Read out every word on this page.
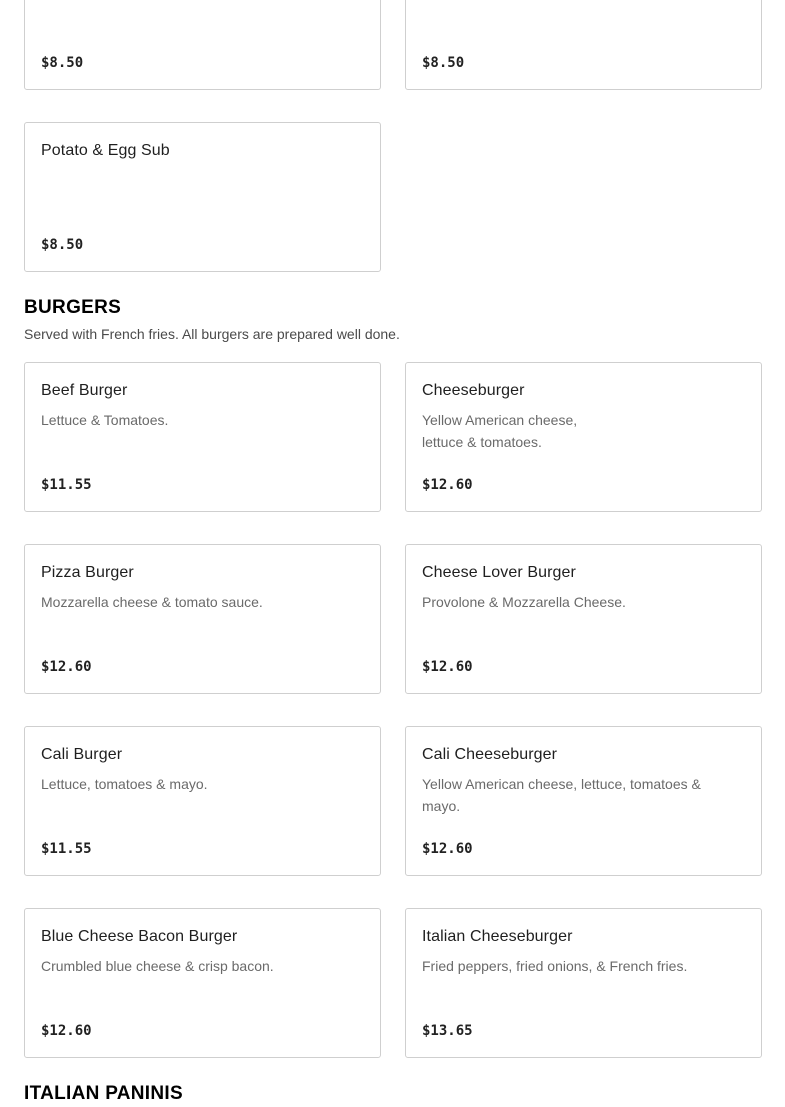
$8.50	$8.50
Potato & Egg Sub
$8.50
BURGERS
Served with French fries. All burgers are prepared well done.
Beef Burger
Lettuce & Tomatoes.
$11.55
Cheeseburger
Yellow American cheese, lettuce & tomatoes.
$12.60
Pizza Burger
Mozzarella cheese & tomato sauce.
$12.60
Cheese Lover Burger
Provolone & Mozzarella Cheese.
$12.60
Cali Burger
Lettuce, tomatoes & mayo.
$11.55
Cali Cheeseburger
Yellow American cheese, lettuce, tomatoes & mayo.
$12.60
Blue Cheese Bacon Burger
Crumbled blue cheese & crisp bacon.
$12.60
Italian Cheeseburger
Fried peppers, fried onions, & French fries.
$13.65
ITALIAN PANINIS
